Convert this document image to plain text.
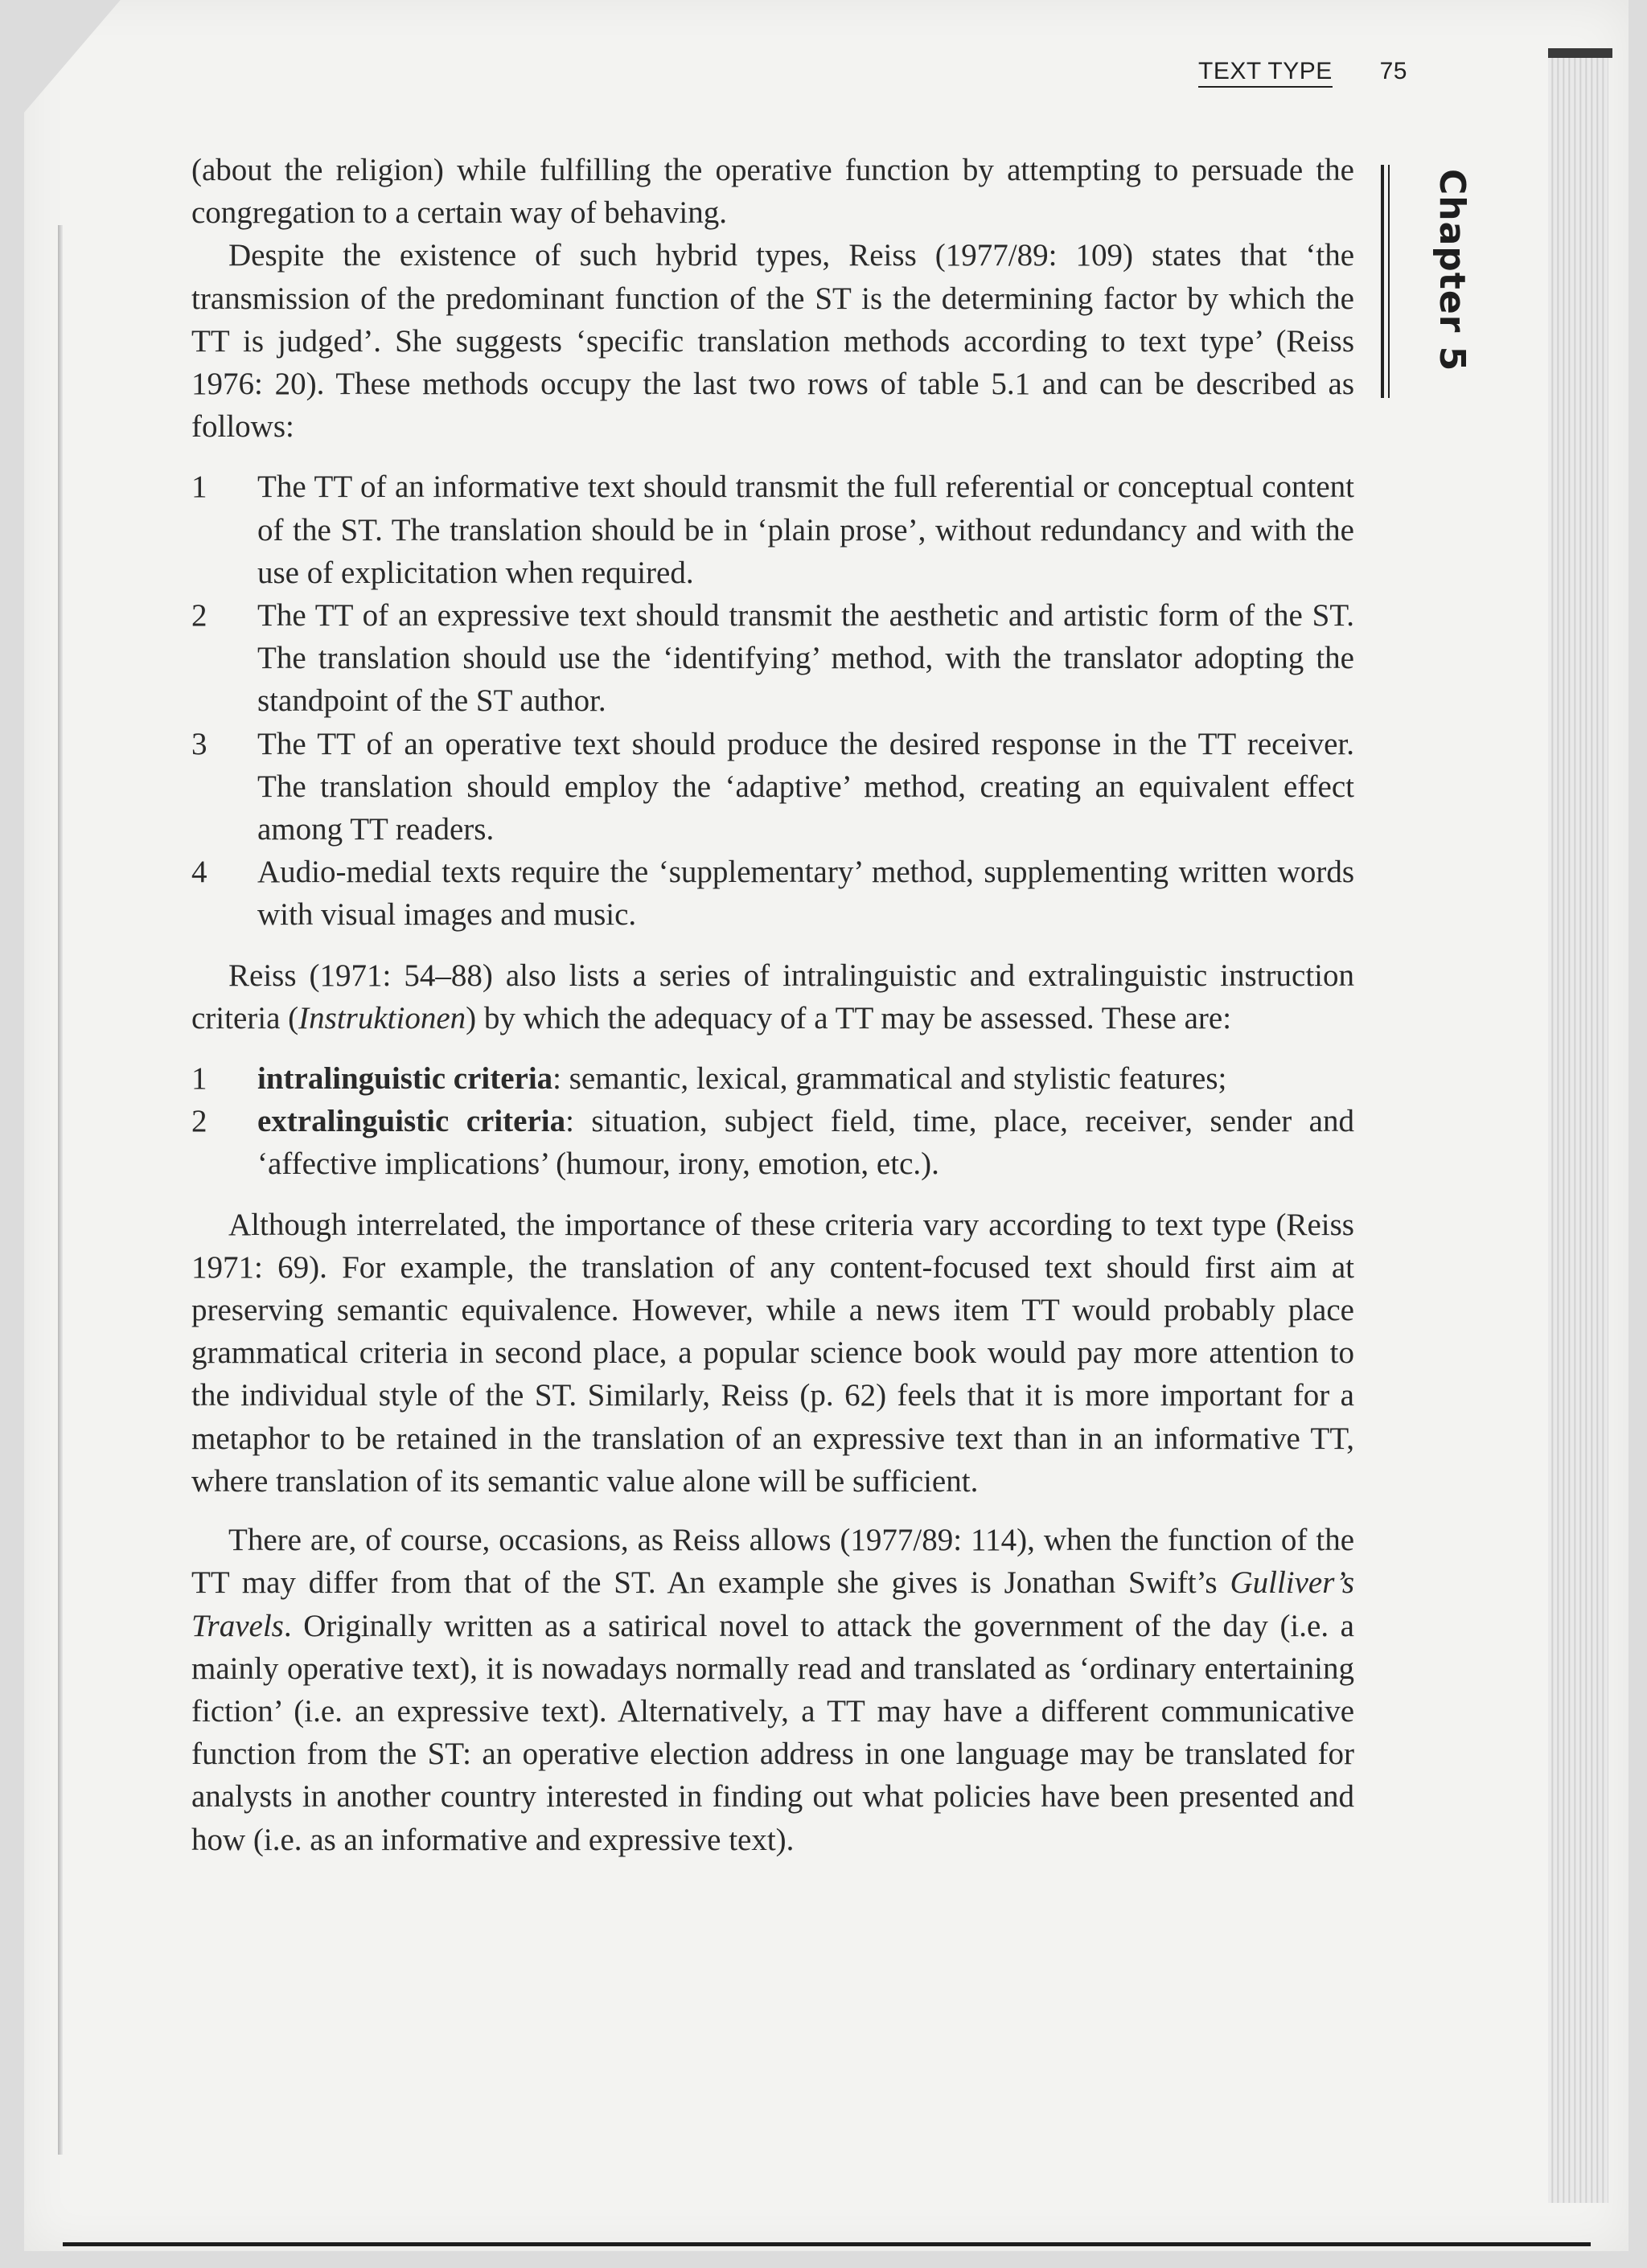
TEXT TYPE 75
Chapter 5

(about the religion) while fulfilling the operative function by attempting to persuade the congregation to a certain way of behaving.

Despite the existence of such hybrid types, Reiss (1977/89: 109) states that ‘the transmission of the predominant function of the ST is the determining factor by which the TT is judged’. She suggests ‘specific translation methods according to text type’ (Reiss 1976: 20). These methods occupy the last two rows of table 5.1 and can be described as follows:

1 The TT of an informative text should transmit the full referential or conceptual content of the ST. The translation should be in ‘plain prose’, without redundancy and with the use of explicitation when required.
2 The TT of an expressive text should transmit the aesthetic and artistic form of the ST. The translation should use the ‘identifying’ method, with the translator adopting the standpoint of the ST author.
3 The TT of an operative text should produce the desired response in the TT receiver. The translation should employ the ‘adaptive’ method, creating an equivalent effect among TT readers.
4 Audio-medial texts require the ‘supplementary’ method, supplementing written words with visual images and music.

Reiss (1971: 54–88) also lists a series of intralinguistic and extralinguistic instruction criteria (Instruktionen) by which the adequacy of a TT may be assessed. These are:

1 intralinguistic criteria: semantic, lexical, grammatical and stylistic features;
2 extralinguistic criteria: situation, subject field, time, place, receiver, sender and ‘affective implications’ (humour, irony, emotion, etc.).

Although interrelated, the importance of these criteria vary according to text type (Reiss 1971: 69). For example, the translation of any content-focused text should first aim at preserving semantic equivalence. However, while a news item TT would probably place grammatical criteria in second place, a popular science book would pay more attention to the individual style of the ST. Similarly, Reiss (p. 62) feels that it is more important for a metaphor to be retained in the translation of an expressive text than in an informative TT, where translation of its semantic value alone will be sufficient.

There are, of course, occasions, as Reiss allows (1977/89: 114), when the function of the TT may differ from that of the ST. An example she gives is Jonathan Swift’s Gulliver’s Travels. Originally written as a satirical novel to attack the government of the day (i.e. a mainly operative text), it is nowadays normally read and translated as ‘ordinary entertaining fiction’ (i.e. an expressive text). Alternatively, a TT may have a different communicative function from the ST: an operative election address in one language may be translated for analysts in another country interested in finding out what policies have been presented and how (i.e. as an informative and expressive text).
